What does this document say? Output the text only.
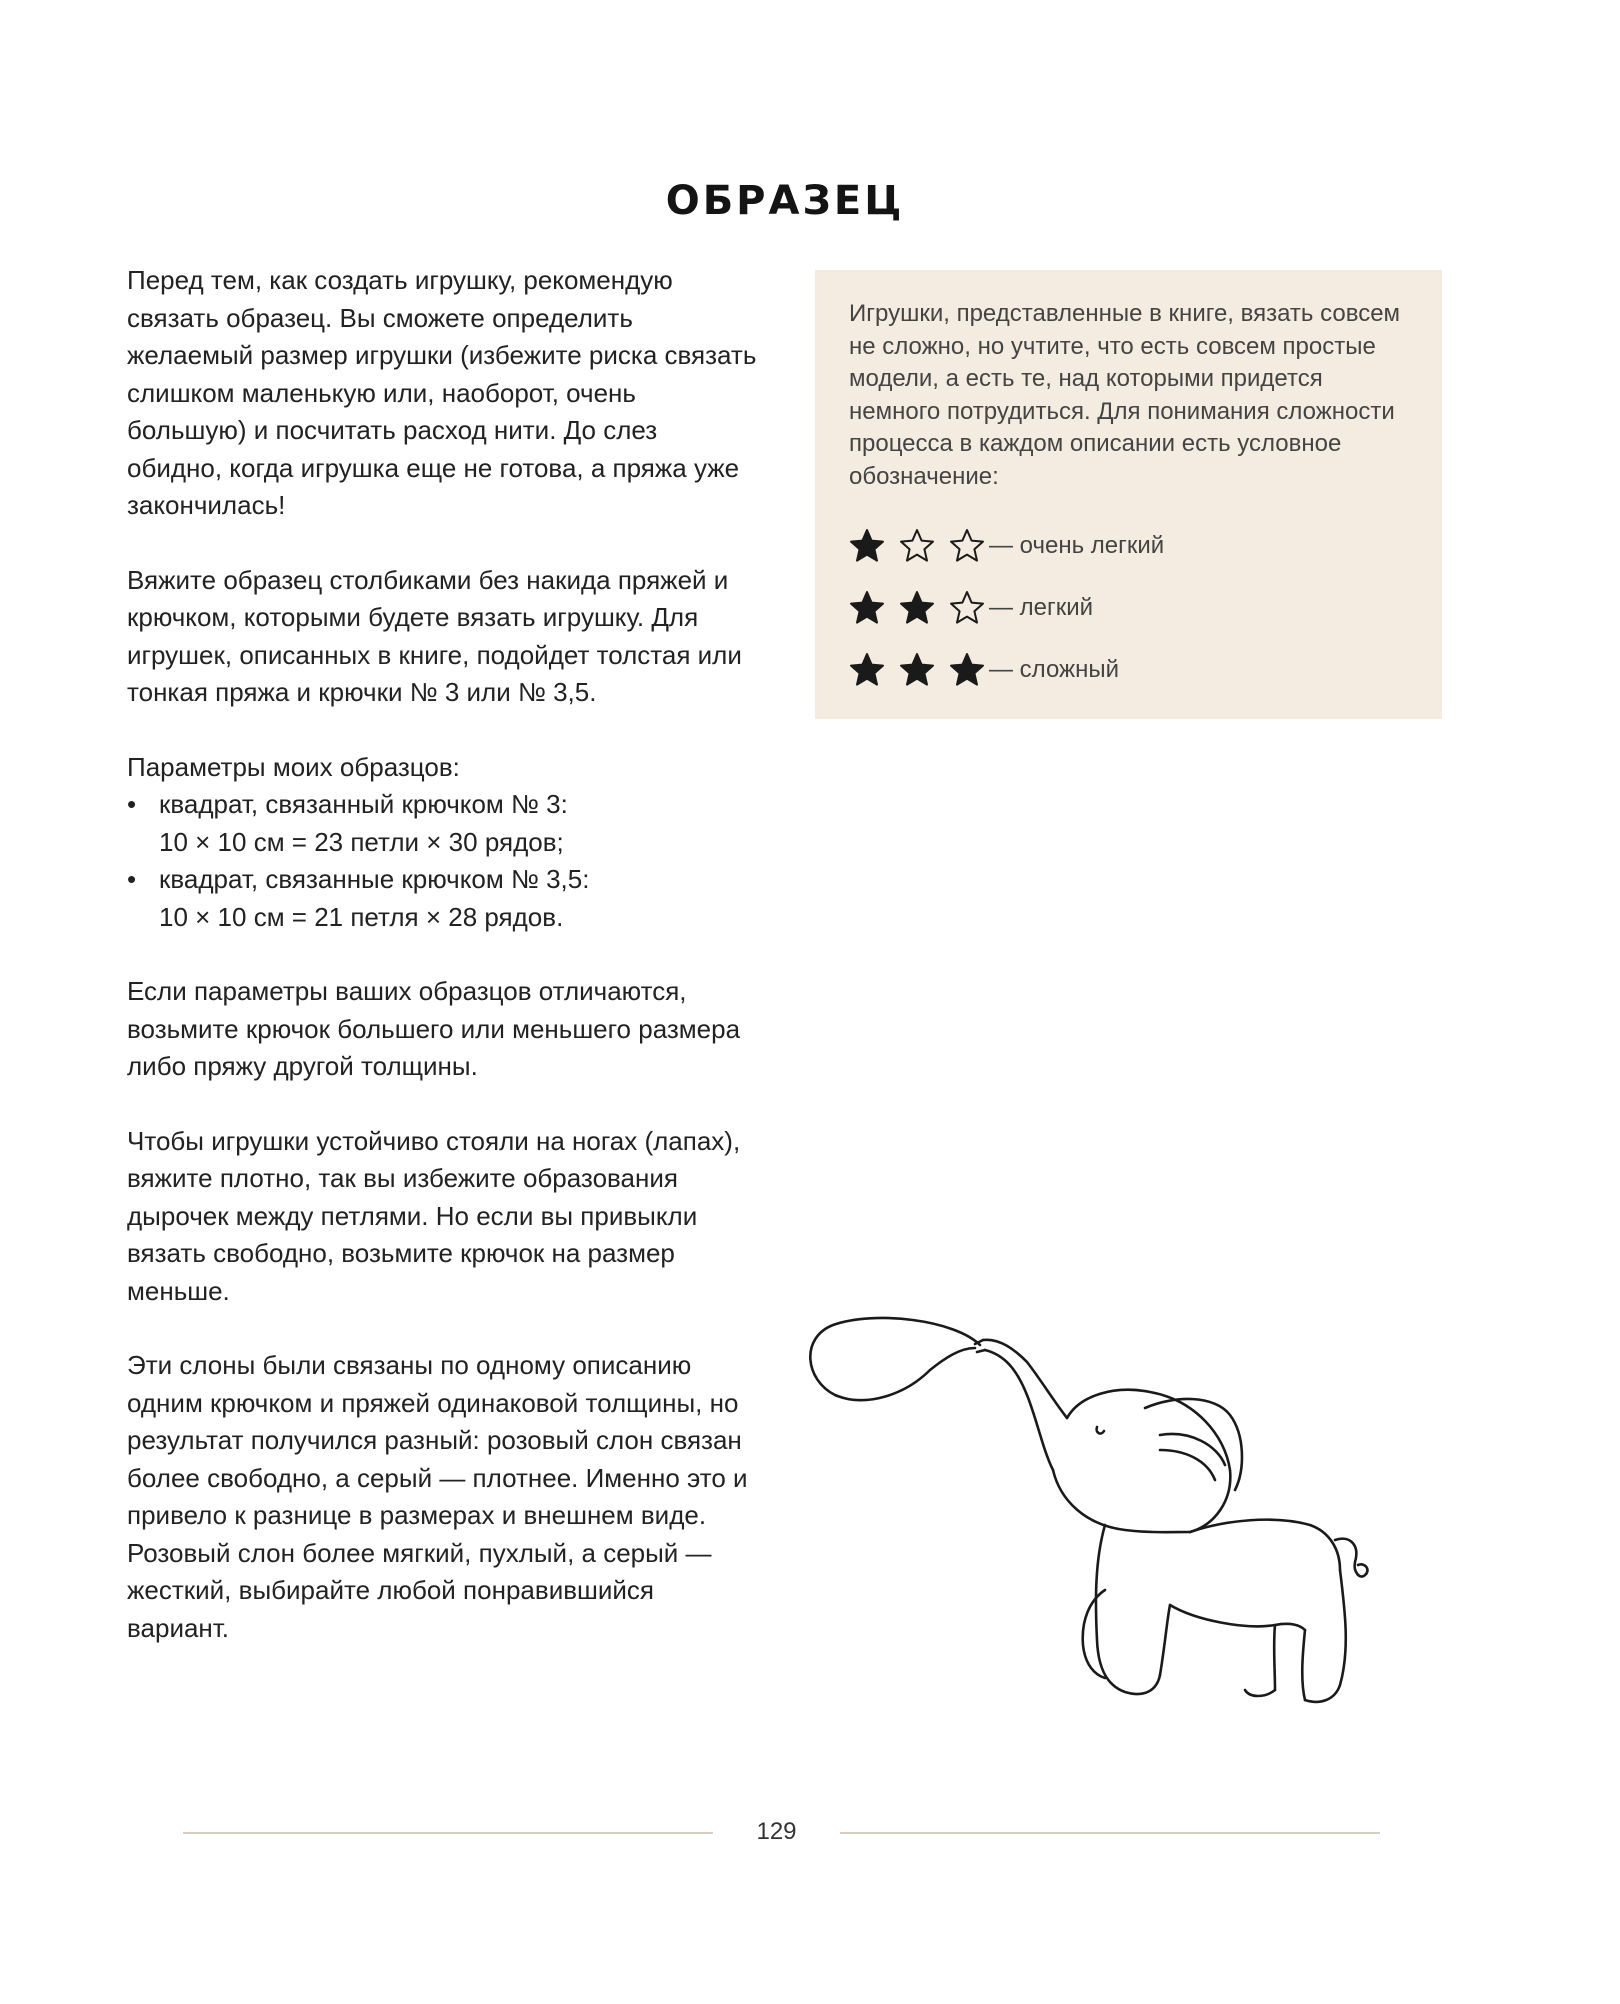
ОБРАЗЕЦ

Перед тем, как создать игрушку, рекомендую связать образец. Вы сможете определить желаемый размер игрушки (избежите риска связать слишком маленькую или, наоборот, очень большую) и посчитать расход нити. До слез обидно, когда игрушка еще не готова, а пряжа уже закончилась!

Вяжите образец столбиками без накида пряжей и крючком, которыми будете вязать игрушку. Для игрушек, описанных в книге, подойдет толстая или тонкая пряжа и крючки № 3 или № 3,5.

Параметры моих образцов:

• квадрат, связанный крючком № 3:
10 × 10 см = 23 петли × 30 рядов;
• квадрат, связанные крючком № 3,5:
10 × 10 см = 21 петля × 28 рядов.

Если параметры ваших образцов отличаются, возьмите крючок большего или меньшего размера либо пряжу другой толщины.

Чтобы игрушки устойчиво стояли на ногах (лапах), вяжите плотно, так вы избежите образования дырочек между петлями. Но если вы привыкли вязать свободно, возьмите крючок на размер меньше.

Эти слоны были связаны по одному описанию одним крючком и пряжей одинаковой толщины, но результат получился разный: розовый слон связан более свободно, а серый — плотнее. Именно это и привело к разнице в размерах и внешнем виде. Розовый слон более мягкий, пухлый, а серый — жесткий, выбирайте любой понравившийся вариант.

Игрушки, представленные в книге, вязать совсем не сложно, но учтите, что есть совсем простые модели, а есть те, над которыми придется немного потрудиться. Для понимания сложности процесса в каждом описании есть условное обозначение:

— очень легкий
— легкий
— сложный
129
